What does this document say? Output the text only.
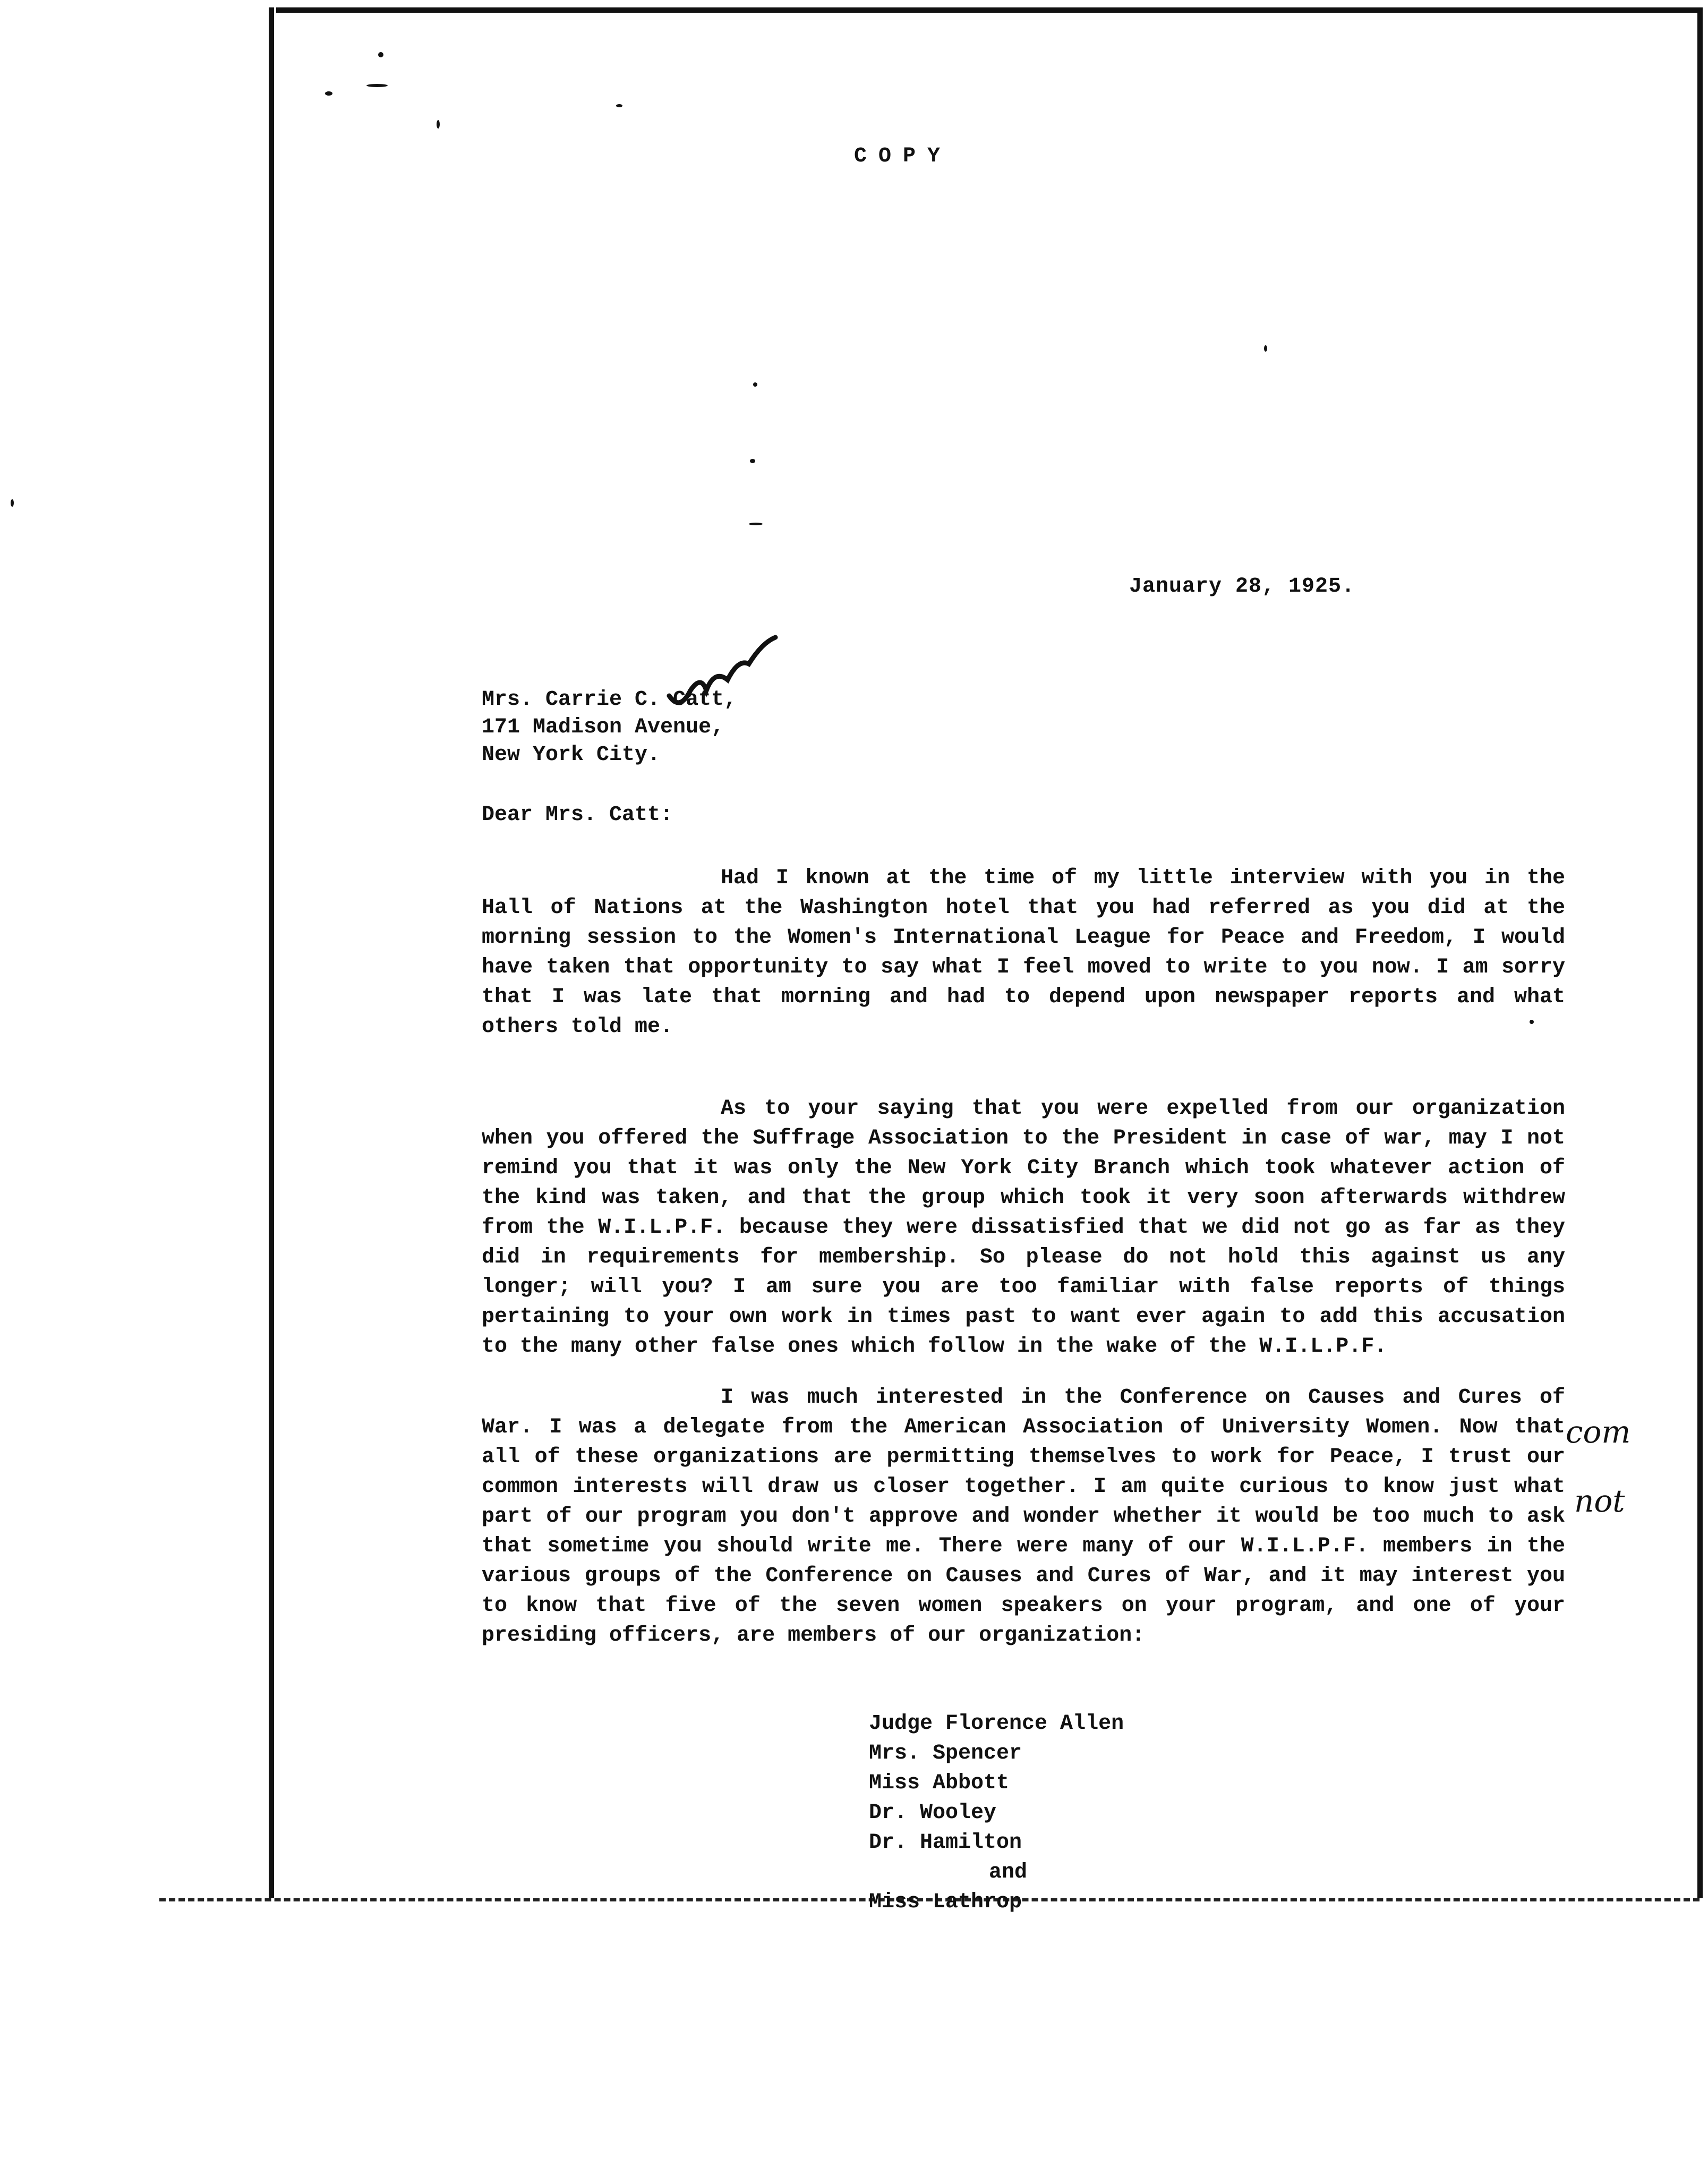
COPY
January 28, 1925.
Mrs. Carrie C. Catt,
171 Madison Avenue,
New York City.
Dear Mrs. Catt:
Had I known at the time of my little interview with you in the Hall of Nations at the Washington hotel that you had referred as you did at the morning session to the Women's International League for Peace and Freedom, I would have taken that opportunity to say what I feel moved to write to you now. I am sorry that I was late that morning and had to depend upon newspaper reports and what others told me.
As to your saying that you were expelled from our organization when you offered the Suffrage Association to the President in case of war, may I not remind you that it was only the New York City Branch which took whatever action of the kind was taken, and that the group which took it very soon afterwards withdrew from the W.I.L.P.F. because they were dissatisfied that we did not go as far as they did in requirements for membership. So please do not hold this against us any longer; will you? I am sure you are too familiar with false reports of things pertaining to your own work in times past to want ever again to add this accusation to the many other false ones which follow in the wake of the W.I.L.P.F.
I was much interested in the Conference on Causes and Cures of War. I was a delegate from the American Association of University Women. Now that all of these organizations are permitting themselves to work for Peace, I trust our common interests will draw us closer together. I am quite curious to know just what part of our program you don't approve and wonder whether it would be too much to ask that sometime you should write me. There were many of our W.I.L.P.F. members in the various groups of the Conference on Causes and Cures of War, and it may interest you to know that five of the seven women speakers on your program, and one of your presiding officers, are members of our organization:
com
not
Judge Florence Allen
Mrs. Spencer
Miss Abbott
Dr. Wooley
Dr. Hamilton
and
Miss Lathrop
